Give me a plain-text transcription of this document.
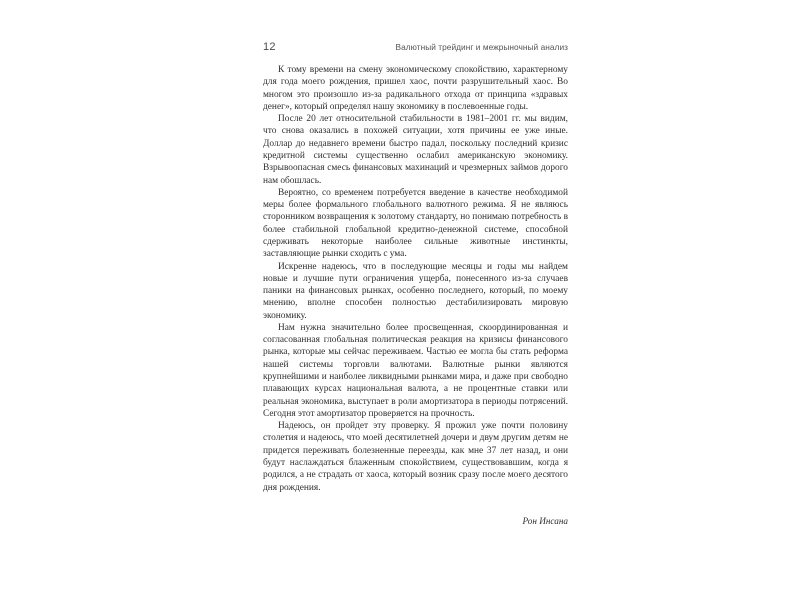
12	Валютный трейдинг и межрыночный анализ

К тому времени на смену экономическому спокойствию, характерному для года моего рождения, пришел хаос, почти разрушительный хаос. Во многом это произошло из-за радикального отхода от принципа «здравых денег», который определял нашу экономику в послевоенные годы.

После 20 лет относительной стабильности в 1981–2001 гг. мы видим, что снова оказались в похожей ситуации, хотя причины ее уже иные. Доллар до недавнего времени быстро падал, поскольку последний кризис кредитной системы существенно ослабил американскую экономику. Взрывоопасная смесь финансовых махинаций и чрезмерных займов дорого нам обошлась.

Вероятно, со временем потребуется введение в качестве необходимой меры более формального глобального валютного режима. Я не являюсь сторонником возвращения к золотому стандарту, но понимаю потребность в более стабильной глобальной кредитно-денежной системе, способной сдерживать некоторые наиболее сильные животные инстинкты, заставляющие рынки сходить с ума.

Искренне надеюсь, что в последующие месяцы и годы мы найдем новые и лучшие пути ограничения ущерба, понесенного из-за случаев паники на финансовых рынках, особенно последнего, который, по моему мнению, вполне способен полностью дестабилизировать мировую экономику.

Нам нужна значительно более просвещенная, скоординированная и согласованная глобальная политическая реакция на кризисы финансового рынка, которые мы сейчас переживаем. Частью ее могла бы стать реформа нашей системы торговли валютами. Валютные рынки являются крупнейшими и наиболее ликвидными рынками мира, и даже при свободно плавающих курсах национальная валюта, а не процентные ставки или реальная экономика, выступает в роли амортизатора в периоды потрясений. Сегодня этот амортизатор проверяется на прочность.

Надеюсь, он пройдет эту проверку. Я прожил уже почти половину столетия и надеюсь, что моей десятилетней дочери и двум другим детям не придется переживать болезненные переезды, как мне 37 лет назад, и они будут наслаждаться блаженным спокойствием, существовавшим, когда я родился, а не страдать от хаоса, который возник сразу после моего десятого дня рождения.

Рон Инсана
